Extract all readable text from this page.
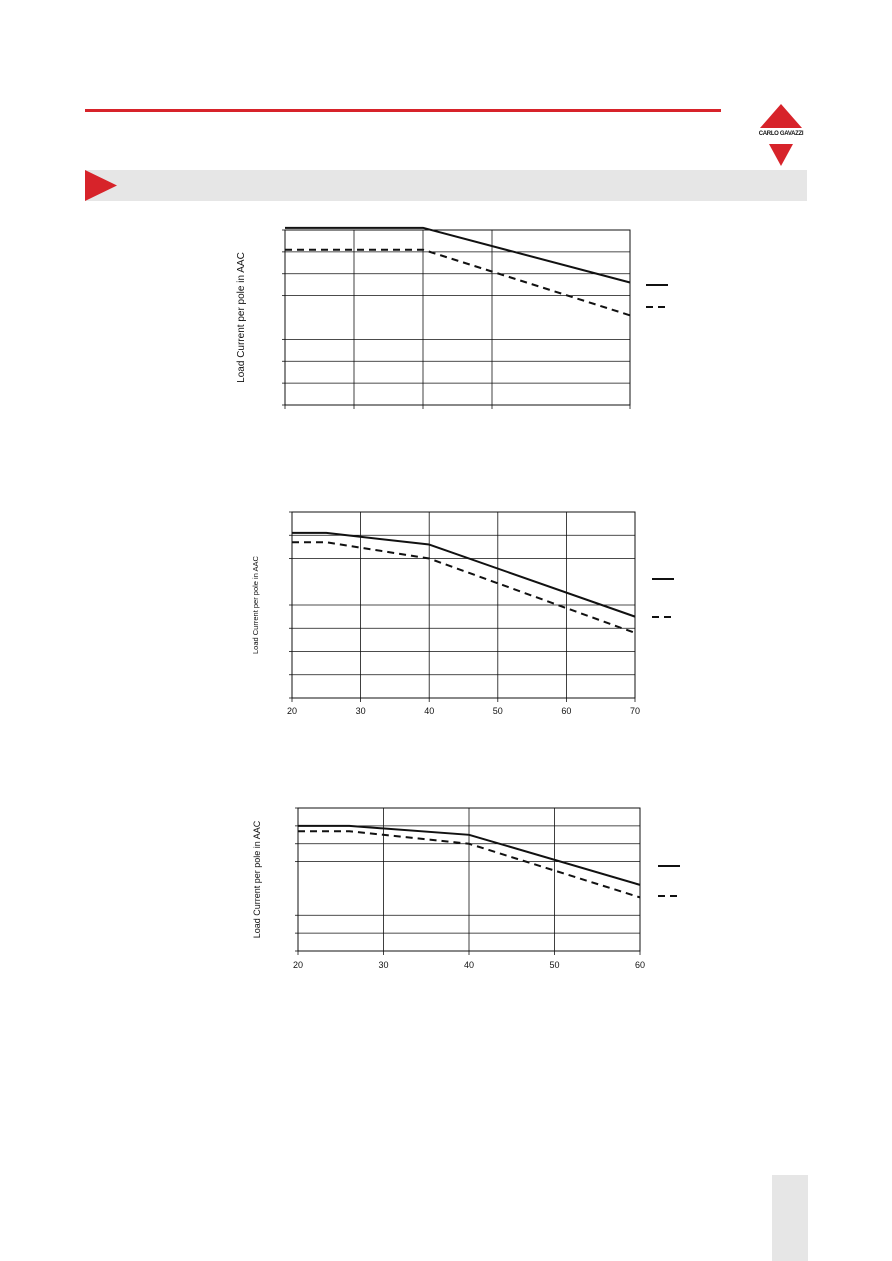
CARLO GAVAZZI
Load Current per pole in AAC
20	30	40	50	60	70
Load Current per pole in AAC
20	30	40	50	60
Load Current per pole in AAC
